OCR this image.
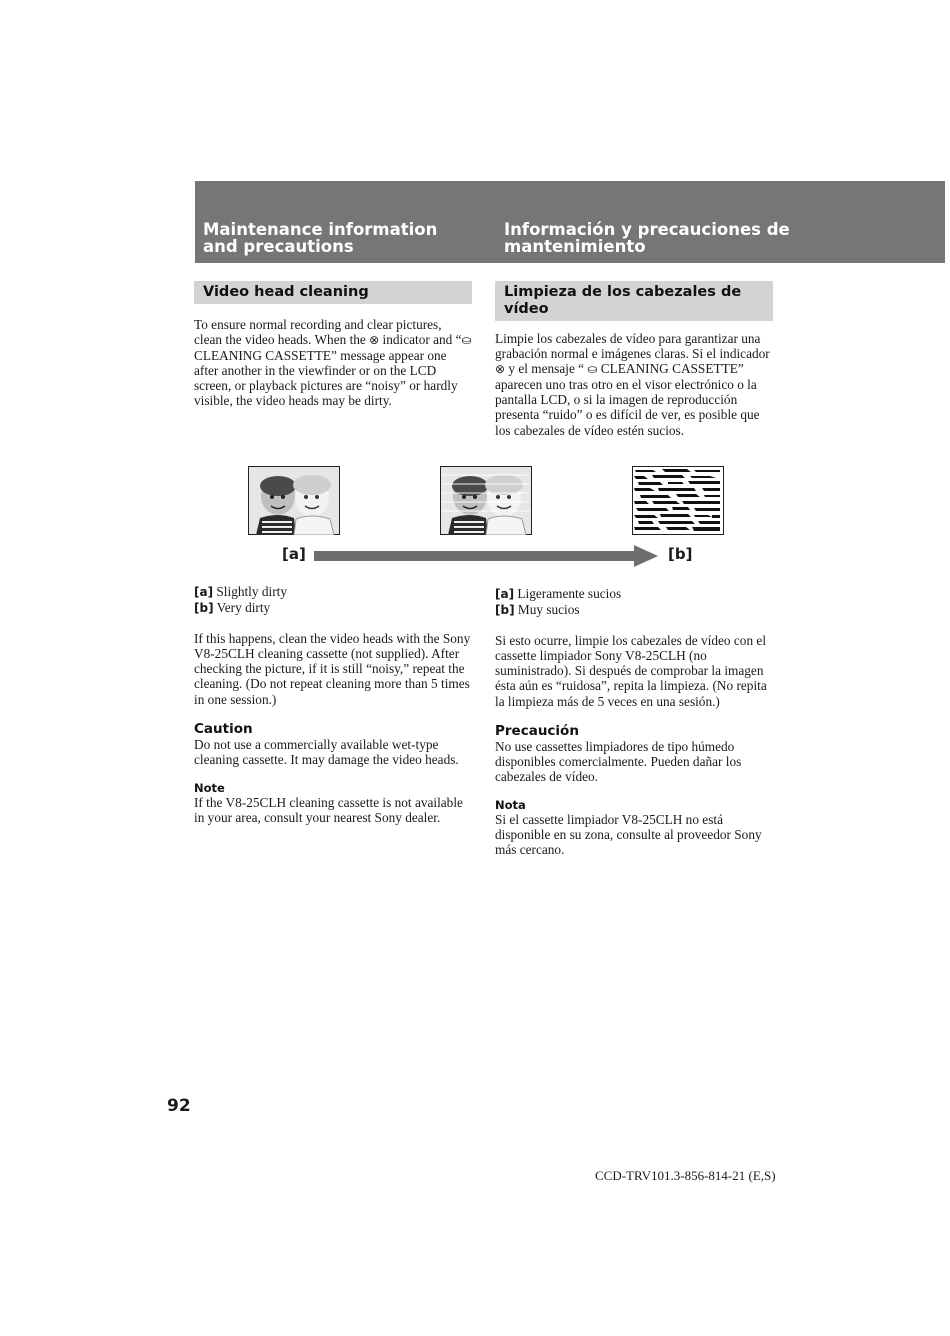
Maintenance information and precautions
Información y precauciones de mantenimiento
Video head cleaning

To ensure normal recording and clear pictures, clean the video heads. When the ⊗ indicator and “⛀ CLEANING CASSETTE” message appear one after another in the viewfinder or on the LCD screen, or playback pictures are “noisy” or hardly visible, the video heads may be dirty.

Limpieza de los cabezales de vídeo

Limpie los cabezales de vídeo para garantizar una grabación normal e imágenes claras. Si el indicador ⊗ y el mensaje “ ⛀ CLEANING CASSETTE” aparecen uno tras otro en el visor electrónico o la pantalla LCD, o si la imagen de reproducción presenta “ruido” o es difícil de ver, es posible que los cabezales de vídeo estén sucios.

[a]	[b]

[a] Slightly dirty

[b] Very dirty

If this happens, clean the video heads with the Sony V8-25CLH cleaning cassette (not supplied). After checking the picture, if it is still “noisy,” repeat the cleaning. (Do not repeat cleaning more than 5 times in one session.)

Caution

Do not use a commercially available wet-type cleaning cassette. It may damage the video heads.

Note

If the V8-25CLH cleaning cassette is not available in your area, consult your nearest Sony dealer.

[a] Ligeramente sucios

[b] Muy sucios

Si esto ocurre, limpie los cabezales de vídeo con el cassette limpiador Sony V8-25CLH (no suministrado). Si después de comprobar la imagen ésta aún es “ruidosa”, repita la limpieza. (No repita la limpieza más de 5 veces en una sesión.)

Precaución

No use cassettes limpiadores de tipo húmedo disponibles comercialmente. Pueden dañar los cabezales de vídeo.

Nota

Si el cassette limpiador V8-25CLH no está disponible en su zona, consulte al proveedor Sony más cercano.

92
CCD-TRV101.3-856-814-21 (E,S)
